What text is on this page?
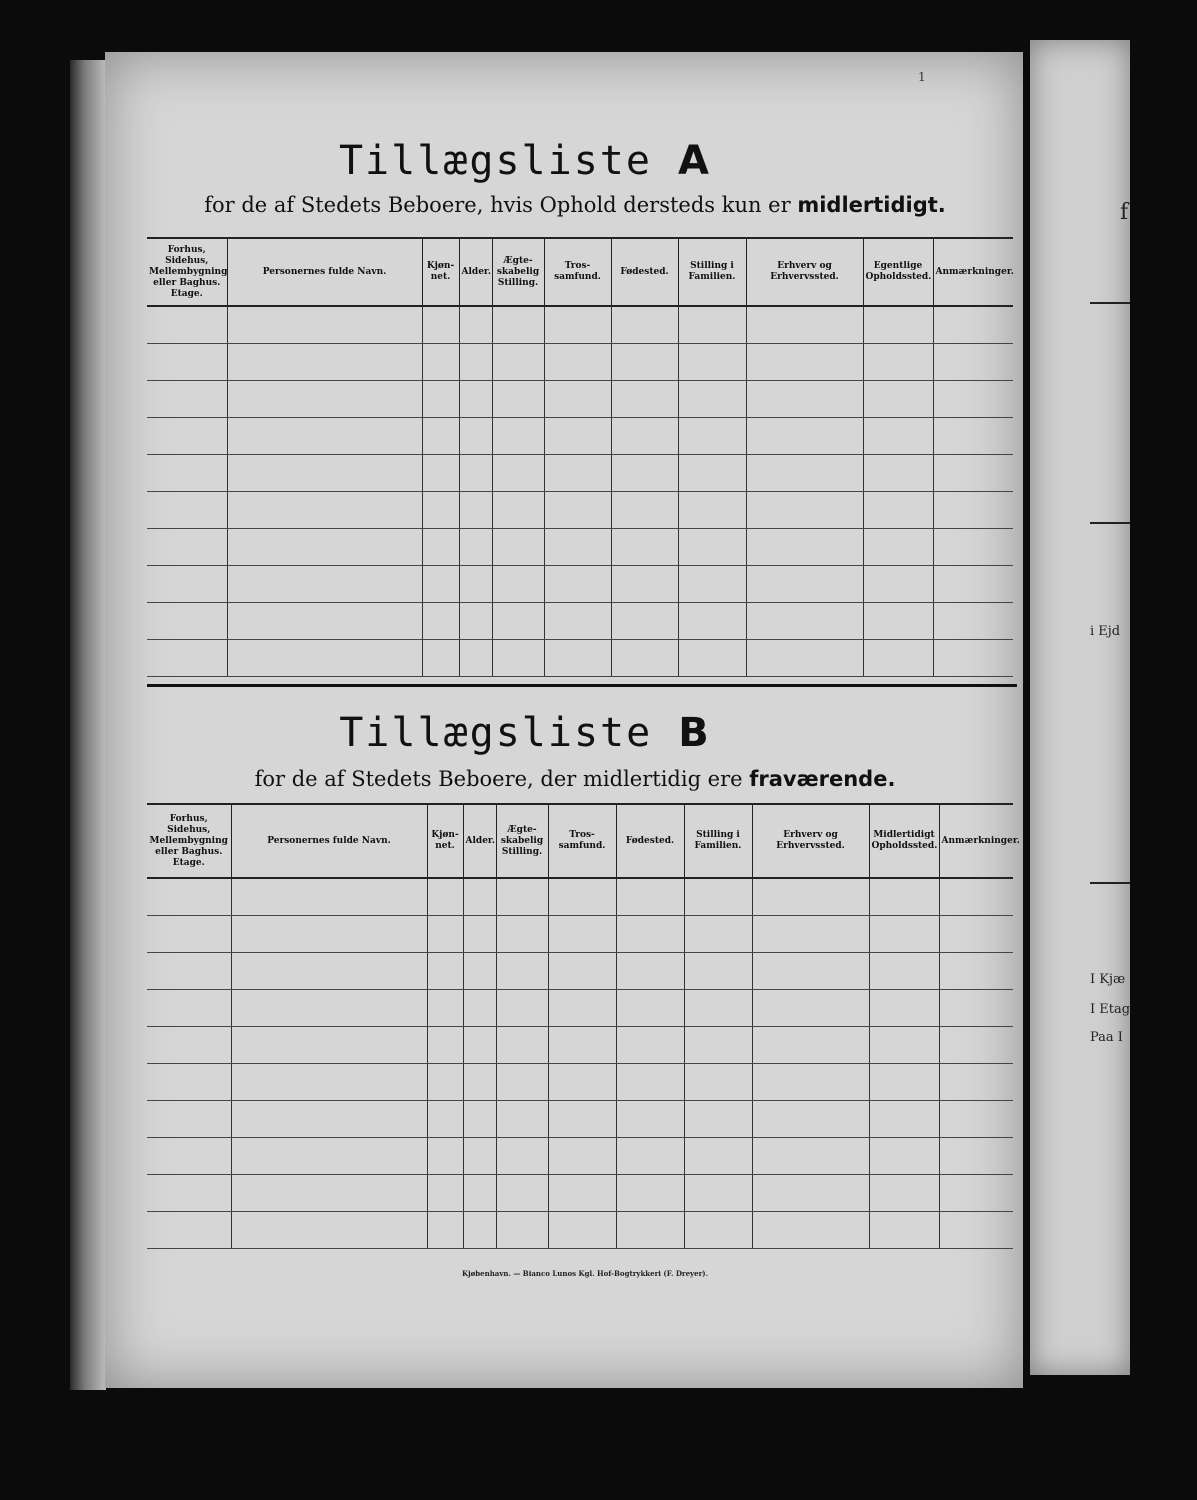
f
i Ejd
I Kjæ
I Etag
Paa I
1
Tillægsliste A
for de af Stedets Beboere, hvis Ophold dersteds kun er midlertidigt.
Forhus, Sidehus, Mellembygning eller Baghus. Etage.	Personernes fulde Navn.	Kjøn-net.	Alder.	Ægte-skabelig Stilling.	Tros-samfund.	Fødested.	Stilling i Familien.	Erhverv og Erhvervssted.	Egentlige Opholdssted.	Anmærkninger.

Tillægsliste B
for de af Stedets Beboere, der midlertidig ere fraværende.
Forhus, Sidehus, Mellembygning eller Baghus. Etage.	Personernes fulde Navn.	Kjøn-net.	Alder.	Ægte-skabelig Stilling.	Tros-samfund.	Fødested.	Stilling i Familien.	Erhverv og Erhvervssted.	Midlertidigt Opholdssted.	Anmærkninger.

Kjøbenhavn. — Bianco Lunos Kgl. Hof-Bogtrykkeri (F. Dreyer).
